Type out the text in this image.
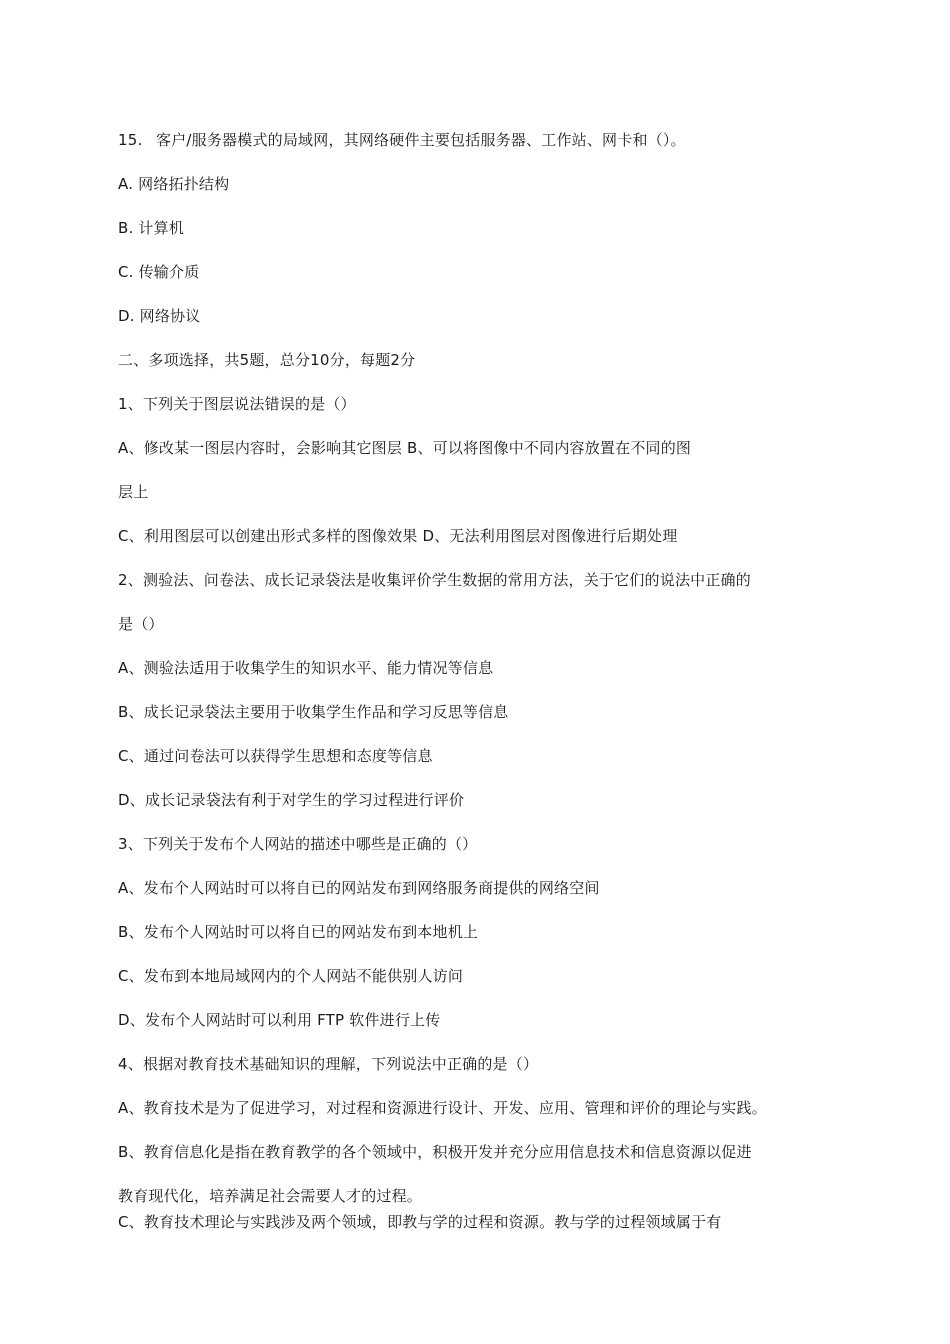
15. 客户/服务器模式的局域网，其网络硬件主要包括服务器、工作站、网卡和（）。
A. 网络拓扑结构
B. 计算机
C. 传输介质
D. 网络协议
二、多项选择，共5题，总分10分，每题2分
1、下列关于图层说法错误的是（）
A、修改某一图层内容时，会影响其它图层 B、可以将图像中不同内容放置在不同的图
层上
C、利用图层可以创建出形式多样的图像效果 D、无法利用图层对图像进行后期处理
2、测验法、问卷法、成长记录袋法是收集评价学生数据的常用方法，关于它们的说法中正确的
是（）
A、测验法适用于收集学生的知识水平、能力情况等信息
B、成长记录袋法主要用于收集学生作品和学习反思等信息
C、通过问卷法可以获得学生思想和态度等信息
D、成长记录袋法有利于对学生的学习过程进行评价
3、下列关于发布个人网站的描述中哪些是正确的（）
A、发布个人网站时可以将自已的网站发布到网络服务商提供的网络空间
B、发布个人网站时可以将自已的网站发布到本地机上
C、发布到本地局域网内的个人网站不能供别人访问
D、发布个人网站时可以利用 FTP 软件进行上传
4、根据对教育技术基础知识的理解，下列说法中正确的是（）
A、教育技术是为了促进学习，对过程和资源进行设计、开发、应用、管理和评价的理论与实践。
B、教育信息化是指在教育教学的各个领域中，积极开发并充分应用信息技术和信息资源以促进
教育现代化，培养满足社会需要人才的过程。
C、教育技术理论与实践涉及两个领域，即教与学的过程和资源。教与学的过程领域属于有
